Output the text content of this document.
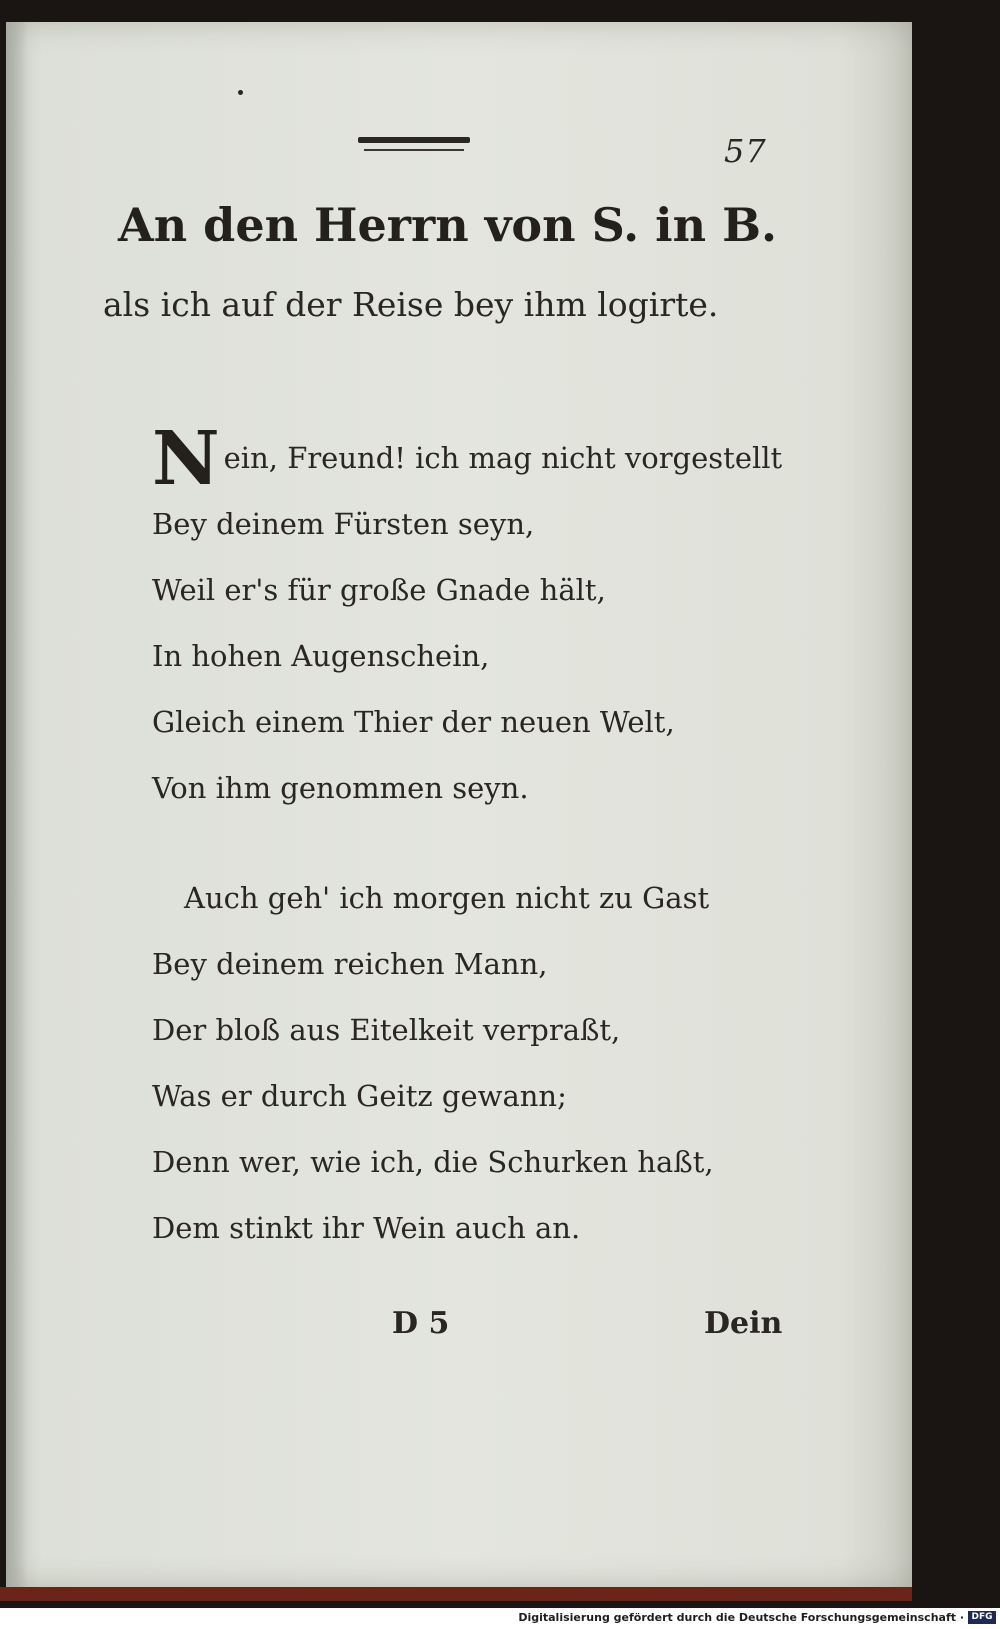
57
An den Herrn von S. in B.
als ich auf der Reise bey ihm logirte.
Nein, Freund! ich mag nicht vorgestellt
Bey deinem Fürsten seyn,
Weil er's für große Gnade hält,
In hohen Augenschein,
Gleich einem Thier der neuen Welt,
Von ihm genommen seyn.
Auch geh' ich morgen nicht zu Gast
Bey deinem reichen Mann,
Der bloß aus Eitelkeit verpraßt,
Was er durch Geitz gewann;
Denn wer, wie ich, die Schurken haßt,
Dem stinkt ihr Wein auch an.
D 5	Dein
Digitalisierung gefördert durch die Deutsche Forschungsgemeinschaft · DFG
